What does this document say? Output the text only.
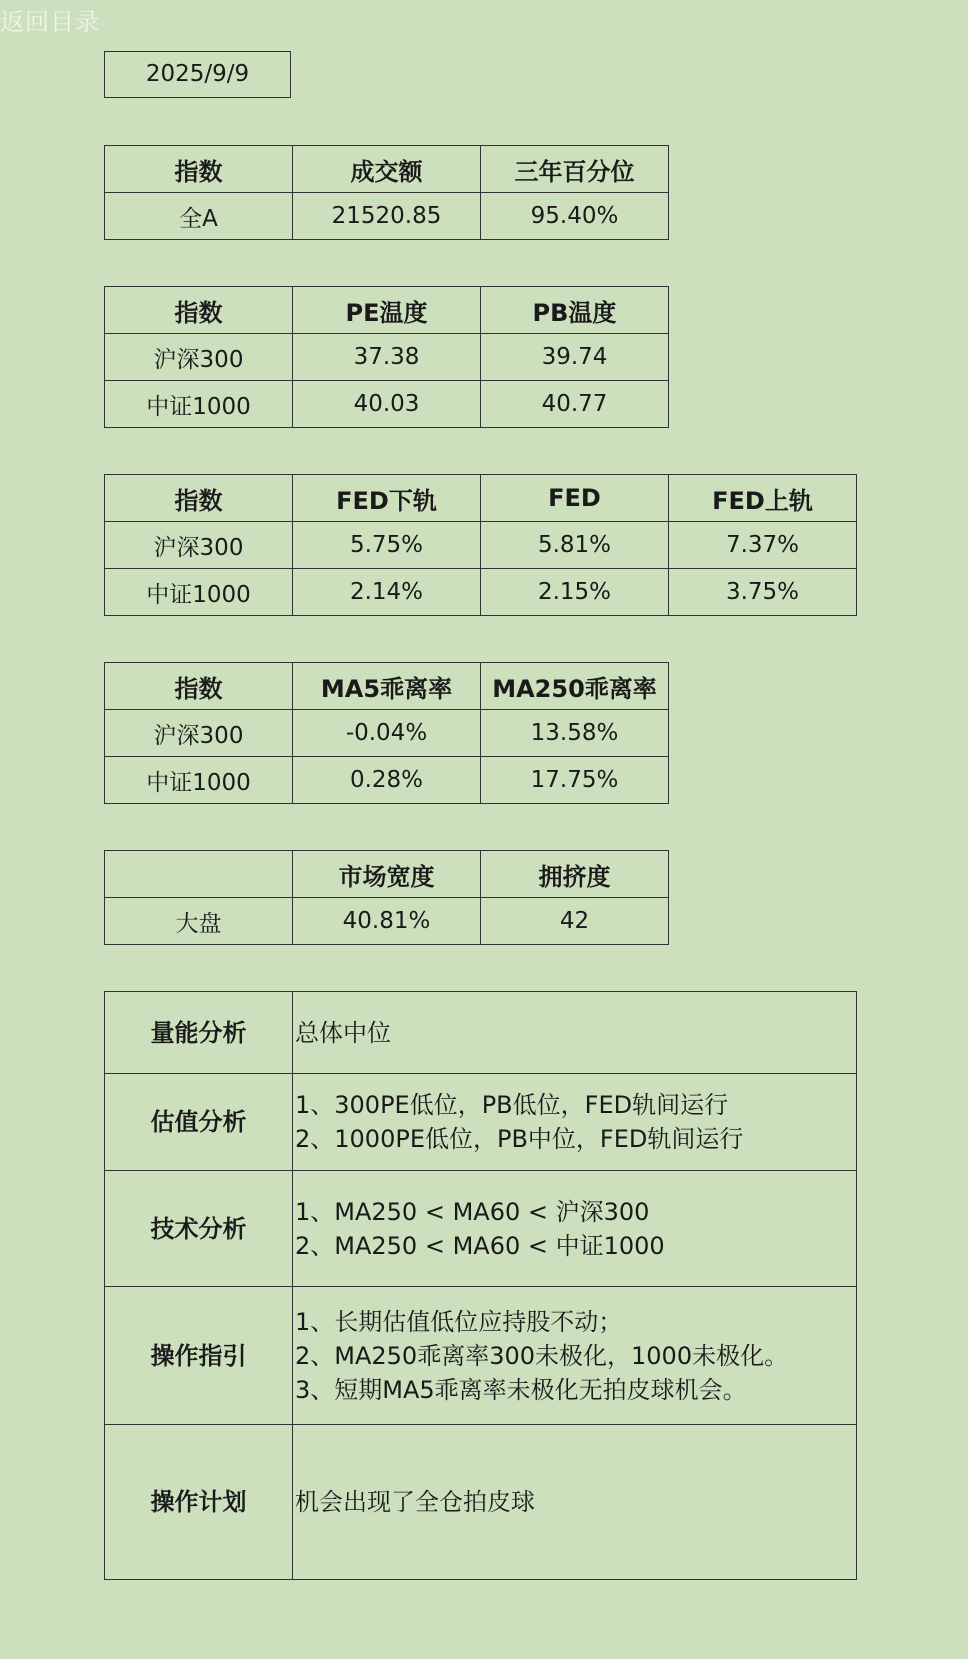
返回目录
2025/9/9
指数	成交额	三年百分位
全A	21520.85	95.40%
指数	PE温度	PB温度
沪深300	37.38	39.74
中证1000	40.03	40.77
指数	FED下轨	FED	FED上轨
沪深300	5.75%	5.81%	7.37%
中证1000	2.14%	2.15%	3.75%
指数	MA5乖离率	MA250乖离率
沪深300	-0.04%	13.58%
中证1000	0.28%	17.75%
	市场宽度	拥挤度
大盘	40.81%	42
量能分析	总体中位

估值分析	1、300PE低位，PB低位，FED轨间运行
2、1000PE低位，PB中位，FED轨间运行

技术分析	1、MA250 < MA60 < 沪深300
2、MA250 < MA60 < 中证1000

操作指引	1、长期估值低位应持股不动；
2、MA250乖离率300未极化，1000未极化。
3、短期MA5乖离率未极化无拍皮球机会。

操作计划	机会出现了全仓拍皮球
